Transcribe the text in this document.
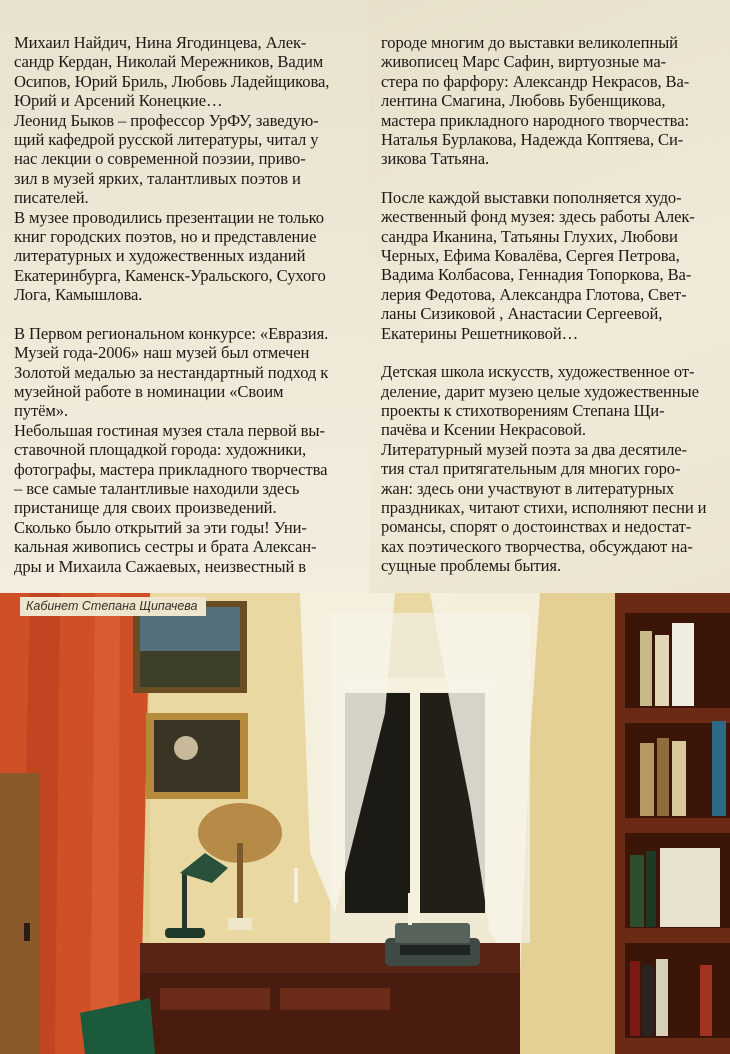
Михаил Найдич, Нина Ягодинцева, Алек-

сандр Кердан, Николай Мережников, Вадим

Осипов, Юрий Бриль, Любовь Ладейщикова,

Юрий и Арсений Конецкие…

Леонид Быков – профессор УрФУ, заведую-

щий кафедрой русской литературы, читал у

нас лекции о современной поэзии, приво-

зил в музей ярких, талантливых поэтов и

писателей.

В музее проводились презентации не только

книг городских поэтов, но и представление

литературных и художественных изданий

Екатеринбурга, Каменск-Уральского, Сухого

Лога, Камышлова.

В Первом региональном конкурсе: «Евразия.

Музей года-2006» наш музей был отмечен

Золотой медалью за нестандартный подход к

музейной работе в номинации «Своим

путём».

Небольшая гостиная музея стала первой вы-

ставочной площадкой города: художники,

фотографы, мастера прикладного творчества

– все самые талантливые находили здесь

пристанище для своих произведений.

Сколько было открытий за эти годы! Уни-

кальная живопись сестры и брата Алексан-

дры и Михаила Сажаевых, неизвестный в

городе многим до выставки великолепный

живописец Марс Сафин, виртуозные ма-

стера по фарфору: Александр Некрасов, Ва-

лентина Смагина, Любовь Бубенщикова,

мастера прикладного народного творчества:

Наталья Бурлакова, Надежда Коптяева, Си-

зикова Татьяна.

После каждой выставки пополняется худо-

жественный фонд музея: здесь работы Алек-

сандра Иканина, Татьяны Глухих, Любови

Черных, Ефима Ковалёва, Сергея Петрова,

Вадима Колбасова, Геннадия Топоркова, Ва-

лерия Федотова, Александра Глотова, Свет-

ланы Сизиковой , Анастасии Сергеевой,

Екатерины Решетниковой…

Детская школа искусств, художественное от-

деление, дарит музею целые художественные

проекты к стихотворениям Степана Щи-

пачёва и Ксении Некрасовой.

Литературный музей поэта за два десятиле-

тия стал притягательным для многих горо-

жан: здесь они участвуют в литературных

праздниках, читают стихи, исполняют песни и

романсы, спорят о достоинствах и недостат-

ках поэтического творчества, обсуждают на-

сущные проблемы бытия.

Кабинет Степана Щипачева
